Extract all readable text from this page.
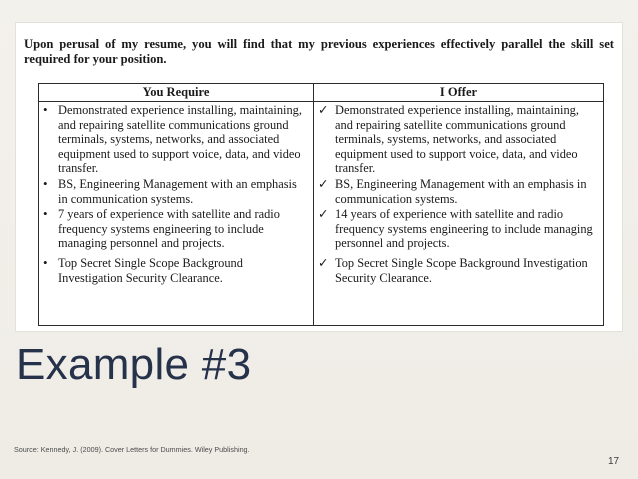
Upon perusal of my resume, you will find that my previous experiences effectively parallel the skill set required for your position.
You Require
• Demonstrated experience installing, maintaining, and repairing satellite communications ground terminals, systems, networks, and associated equipment used to support voice, data, and video transfer.
• BS, Engineering Management with an emphasis in communication systems.
• 7 years of experience with satellite and radio frequency systems engineering to include managing personnel and projects.
• Top Secret Single Scope Background Investigation Security Clearance.
I Offer
✓ Demonstrated experience installing, maintaining, and repairing satellite communications ground terminals, systems, networks, and associated equipment used to support voice, data, and video transfer.
✓ BS, Engineering Management with an emphasis in communication systems.
✓ 14 years of experience with satellite and radio frequency systems engineering to include managing personnel and projects.
✓ Top Secret Single Scope Background Investigation Security Clearance.
Example #3
Source: Kennedy, J. (2009). Cover Letters for Dummies. Wiley Publishing.
17
